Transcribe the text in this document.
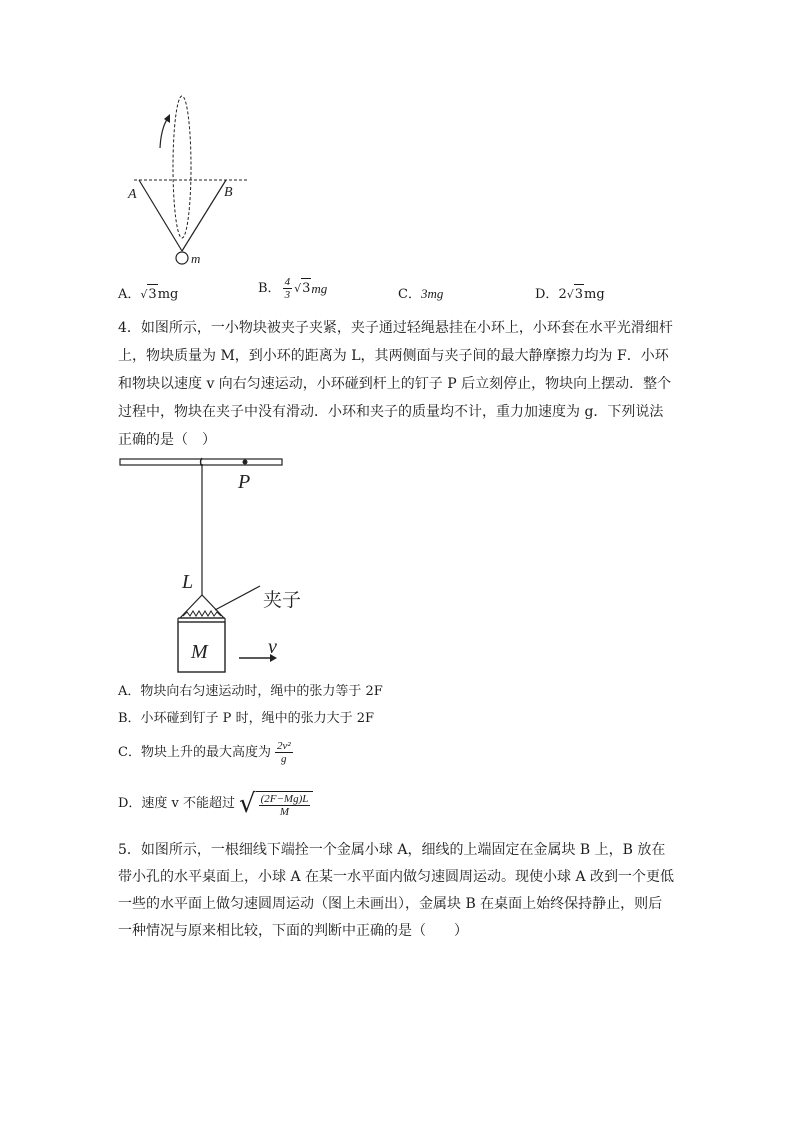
A	B
m
A．√3mg	B． $\frac{4}{3}$ √ 3 mg	C．3mg	D．2√3mg
4．如图所示，一小物块被夹子夹紧，夹子通过轻绳悬挂在小环上，小环套在水平光滑细杆
上，物块质量为 M，到小环的距离为 L，其两侧面与夹子间的最大静摩擦力均为 F．小环
和物块以速度 v 向右匀速运动，小环碰到杆上的钉子 P 后立刻停止，物块向上摆动．整个
过程中，物块在夹子中没有滑动．小环和夹子的质量均不计，重力加速度为 g．下列说法
正确的是（　）
P
L
夹子
M	v
A．物块向右匀速运动时，绳中的张力等于 2F
B．小环碰到钉子 P 时，绳中的张力大于 2F
C．物块上升的最大高度为 $\frac{\text{2v²}}{g}$
D．速度 v 不能超过 √ $\frac{(2F-Mg)L}{M}$
5．如图所示，一根细线下端拴一个金属小球 A，细线的上端固定在金属块 B 上，B 放在
带小孔的水平桌面上，小球 A 在某一水平面内做匀速圆周运动。现使小球 A 改到一个更低
一些的水平面上做匀速圆周运动（图上未画出），金属块 B 在桌面上始终保持静止，则后
一种情况与原来相比较，下面的判断中正确的是（　　）
